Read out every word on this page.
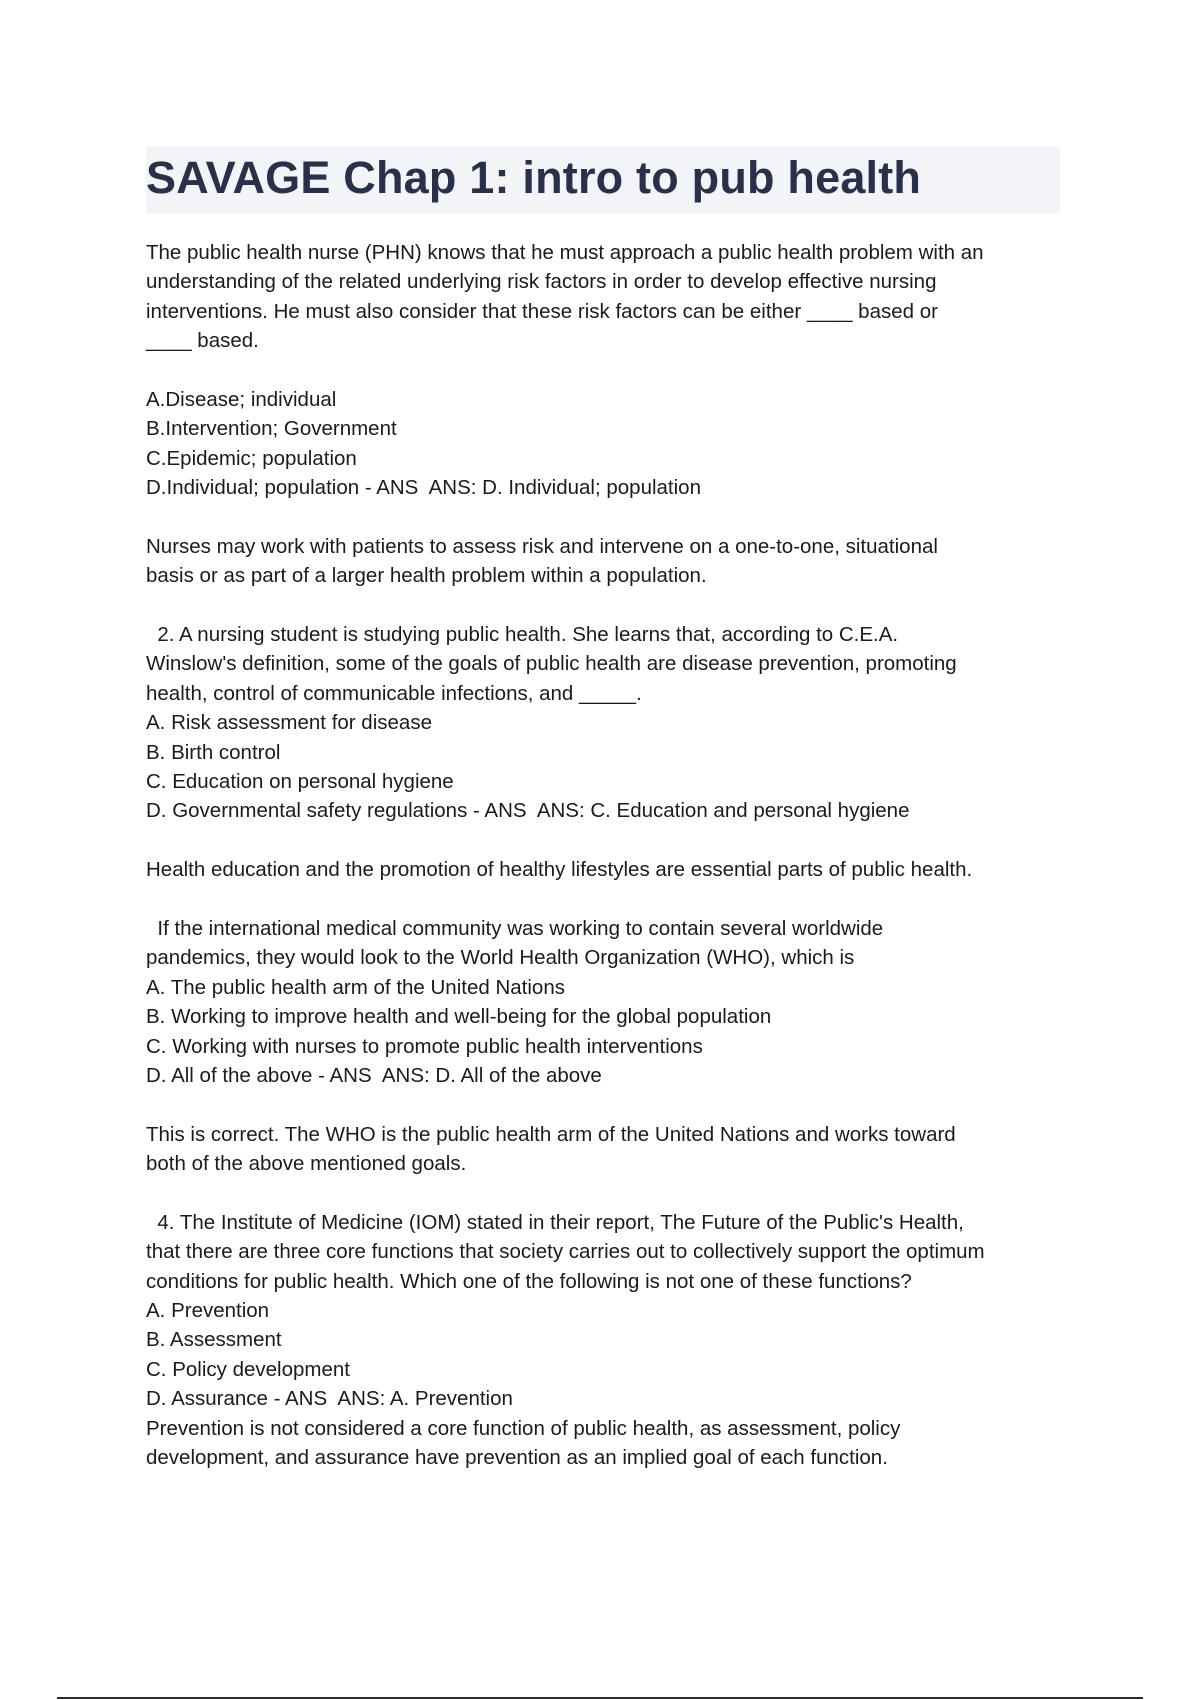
SAVAGE Chap 1: intro to pub health
The public health nurse (PHN) knows that he must approach a public health problem with an
understanding of the related underlying risk factors in order to develop effective nursing
interventions. He must also consider that these risk factors can be either ____ based or
____ based.
A.Disease; individual
B.Intervention; Government
C.Epidemic; population
D.Individual; population - ANS  ANS: D. Individual; population
Nurses may work with patients to assess risk and intervene on a one-to-one, situational
basis or as part of a larger health problem within a population.
2. A nursing student is studying public health. She learns that, according to C.E.A.
Winslow's definition, some of the goals of public health are disease prevention, promoting
health, control of communicable infections, and _____.
A. Risk assessment for disease
B. Birth control
C. Education on personal hygiene
D. Governmental safety regulations - ANS  ANS: C. Education and personal hygiene
Health education and the promotion of healthy lifestyles are essential parts of public health.
If the international medical community was working to contain several worldwide
pandemics, they would look to the World Health Organization (WHO), which is
A. The public health arm of the United Nations
B. Working to improve health and well-being for the global population
C. Working with nurses to promote public health interventions
D. All of the above - ANS  ANS: D. All of the above
This is correct. The WHO is the public health arm of the United Nations and works toward
both of the above mentioned goals.
4. The Institute of Medicine (IOM) stated in their report, The Future of the Public's Health,
that there are three core functions that society carries out to collectively support the optimum
conditions for public health. Which one of the following is not one of these functions?
A. Prevention
B. Assessment
C. Policy development
D. Assurance - ANS  ANS: A. Prevention
Prevention is not considered a core function of public health, as assessment, policy
development, and assurance have prevention as an implied goal of each function.
